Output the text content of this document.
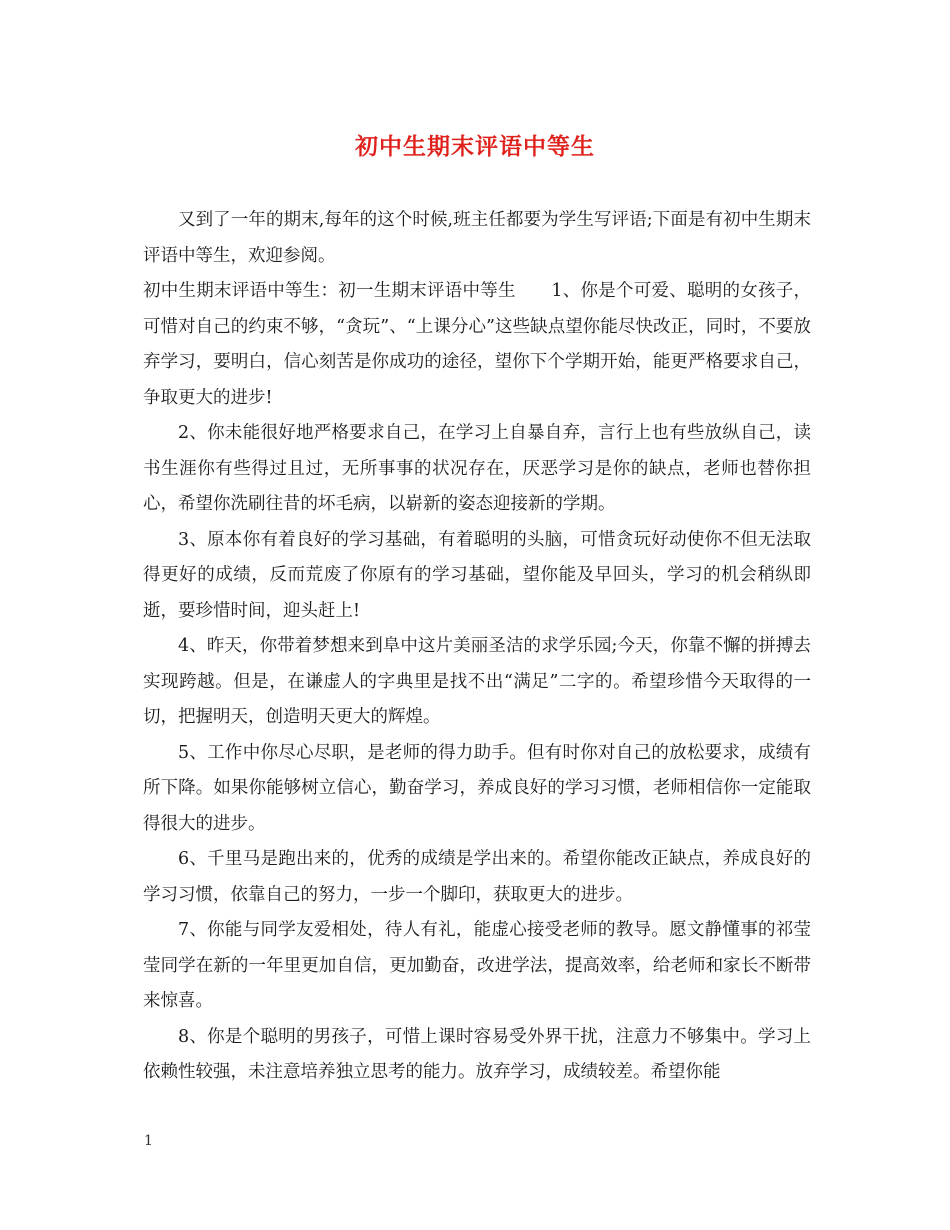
初中生期末评语中等生

又到了一年的期末,每年的这个时候,班主任都要为学生写评语;下面是有初中生期末评语中等生，欢迎参阅。

初中生期末评语中等生：初一生期末评语中等生　　1、你是个可爱、聪明的女孩子，可惜对自己的约束不够，“贪玩”、“上课分心”这些缺点望你能尽快改正，同时，不要放弃学习，要明白，信心刻苦是你成功的途径，望你下个学期开始，能更严格要求自己，争取更大的进步!

2、你未能很好地严格要求自己，在学习上自暴自弃，言行上也有些放纵自己，读书生涯你有些得过且过，无所事事的状况存在，厌恶学习是你的缺点，老师也替你担心，希望你洗刷往昔的坏毛病，以崭新的姿态迎接新的学期。

3、原本你有着良好的学习基础，有着聪明的头脑，可惜贪玩好动使你不但无法取得更好的成绩，反而荒废了你原有的学习基础，望你能及早回头，学习的机会稍纵即逝，要珍惜时间，迎头赶上!

4、昨天，你带着梦想来到阜中这片美丽圣洁的求学乐园;今天，你靠不懈的拼搏去实现跨越。但是，在谦虚人的字典里是找不出“满足”二字的。希望珍惜今天取得的一切，把握明天，创造明天更大的辉煌。

5、工作中你尽心尽职，是老师的得力助手。但有时你对自己的放松要求，成绩有所下降。如果你能够树立信心，勤奋学习，养成良好的学习习惯，老师相信你一定能取得很大的进步。

6、千里马是跑出来的，优秀的成绩是学出来的。希望你能改正缺点，养成良好的学习习惯，依靠自己的努力，一步一个脚印，获取更大的进步。

7、你能与同学友爱相处，待人有礼，能虚心接受老师的教导。愿文静懂事的祁莹莹同学在新的一年里更加自信，更加勤奋，改进学法，提高效率，给老师和家长不断带来惊喜。

8、你是个聪明的男孩子，可惜上课时容易受外界干扰，注意力不够集中。学习上依赖性较强，未注意培养独立思考的能力。放弃学习，成绩较差。希望你能

1
